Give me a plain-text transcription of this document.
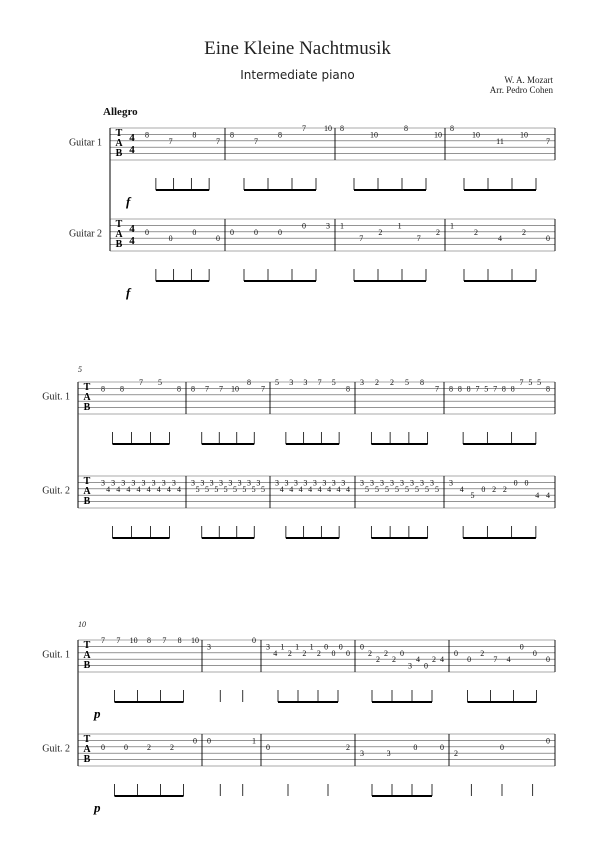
Eine Kleine Nachtmusik
Intermediate piano	W. A. Mozart
Arr. Pedro Cohen
Allegro
Guitar 1
T
A
B
4
4
8
7
8
7
8
7
8
7 10 8
10
8
10
8
10
11
10
7
f
Guitar 2
T
A
B
4
4
0
0
0
0
0	0	0
0	3 1
7
2
1
7
2
1
2
4
2
0
f
5
Guit. 1
T
A
B
8 8
7 5
8 8 7 7 10
8
7
5 3 3 7 5
8
3 2 2 5 8
7 8 8 8 7 5 7 8 8
7 5 5
8
Guit. 2
T
A
B
3
4
3
4
3
4
3
4
3
4
3
4
3
4
3
4
3
5
3
5
3
5
3
5
3
5
3
5
3
5
3
5
3
4
3
4
3
4
3
4
3
4
3
4
3
4
3
4
3
5
3
5
3
5
3
5
3
5
3
5
3
5
3
5
3
4
5
0 2 2
0 0
4 4
10
Guit. 1
T
A
B
7 7 10 8 7 8 10
3
0
3
4
1
2
1
2
1
2
0
0
0
0
0
2
2
2
2
0
3
4
0
2 4
0
0
2
7 4
0
0
0
p
Guit. 2
T
A
B
0 0 2 2
0 0	1
0	2
3	3
0	0
2
0
0
p
